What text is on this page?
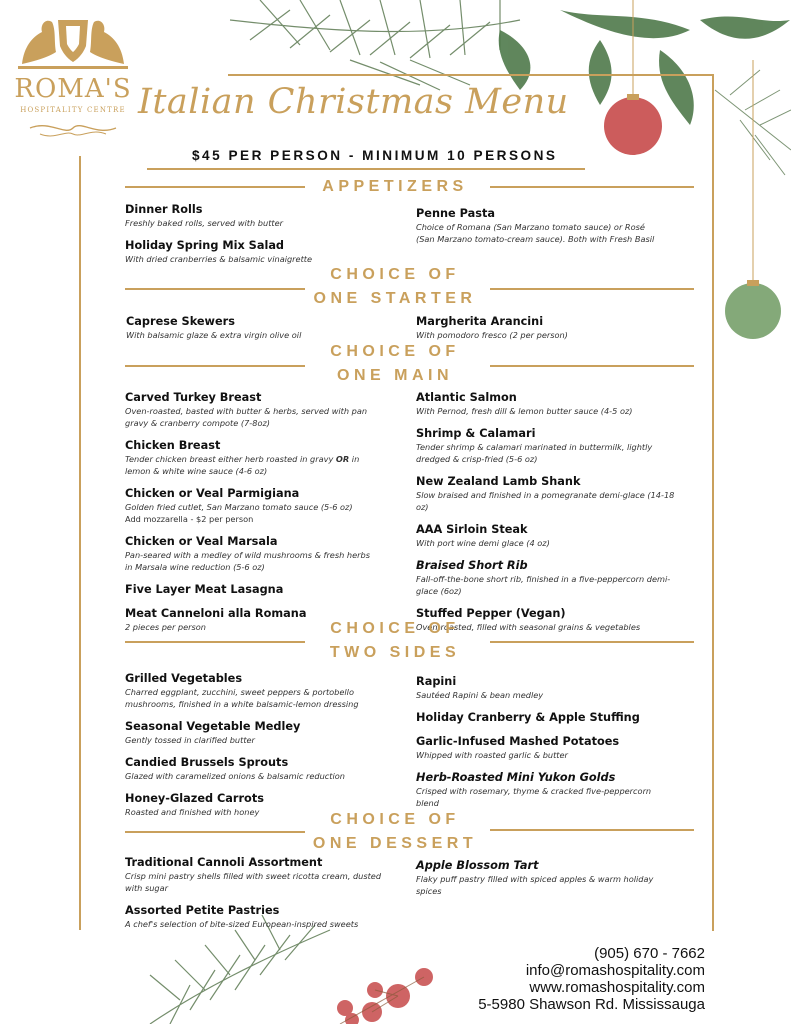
ROMA'S
HOSPITALITY CENTRE Italian Christmas Menu
$45 PER PERSON - MINIMUM 10 PERSONS
APPETIZERS
Dinner Rolls
Freshly baked rolls, served with butter
Holiday Spring Mix Salad
With dried cranberries & balsamic vinaigrette
Penne Pasta
Choice of Romana (San Marzano tomato sauce) or Rosé (San Marzano tomato-cream sauce). Both with Fresh Basil
CHOICE OF
ONE STARTER
Caprese Skewers
With balsamic glaze & extra virgin olive oil
Margherita Arancini
With pomodoro fresco (2 per person)
CHOICE OF
ONE MAIN
Carved Turkey Breast
Oven-roasted, basted with butter & herbs, served with pan gravy & cranberry compote (7-8oz)
Chicken Breast
Tender chicken breast either herb roasted in gravy OR in lemon & white wine sauce (4-6 oz)
Chicken or Veal Parmigiana
Golden fried cutlet, San Marzano tomato sauce (5-6 oz)
Add mozzarella - $2 per person
Chicken or Veal Marsala
Pan-seared with a medley of wild mushrooms & fresh herbs in Marsala wine reduction (5-6 oz)
Five Layer Meat Lasagna
Meat Canneloni alla Romana
2 pieces per person
Atlantic Salmon
With Pernod, fresh dill & lemon butter sauce (4-5 oz)
Shrimp & Calamari
Tender shrimp & calamari marinated in buttermilk, lightly dredged & crisp-fried (5-6 oz)
New Zealand Lamb Shank
Slow braised and finished in a pomegranate demi-glace (14-18 oz)
AAA Sirloin Steak
With port wine demi glace (4 oz)
Braised Short Rib
Fall-off-the-bone short rib, finished in a five-peppercorn demi-glace (6oz)
Stuffed Pepper (Vegan)
Oven-roasted, filled with seasonal grains & vegetables
CHOICE OF
TWO SIDES
Grilled Vegetables
Charred eggplant, zucchini, sweet peppers & portobello mushrooms, finished in a white balsamic-lemon dressing
Seasonal Vegetable Medley
Gently tossed in clarified butter
Candied Brussels Sprouts
Glazed with caramelized onions & balsamic reduction
Honey-Glazed Carrots
Roasted and finished with honey
Rapini
Sautéed Rapini & bean medley
Holiday Cranberry & Apple Stuffing
Garlic-Infused Mashed Potatoes
Whipped with roasted garlic & butter
Herb-Roasted Mini Yukon Golds
Crisped with rosemary, thyme & cracked five-peppercorn blend
CHOICE OF
ONE DESSERT
Traditional Cannoli Assortment
Crisp mini pastry shells filled with sweet ricotta cream, dusted with sugar
Assorted Petite Pastries
A chef's selection of bite-sized European-inspired sweets
Apple Blossom Tart
Flaky puff pastry filled with spiced apples & warm holiday spices
(905) 670 - 7662
info@romashospitality.com
www.romashospitality.com
5-5980 Shawson Rd. Mississauga
